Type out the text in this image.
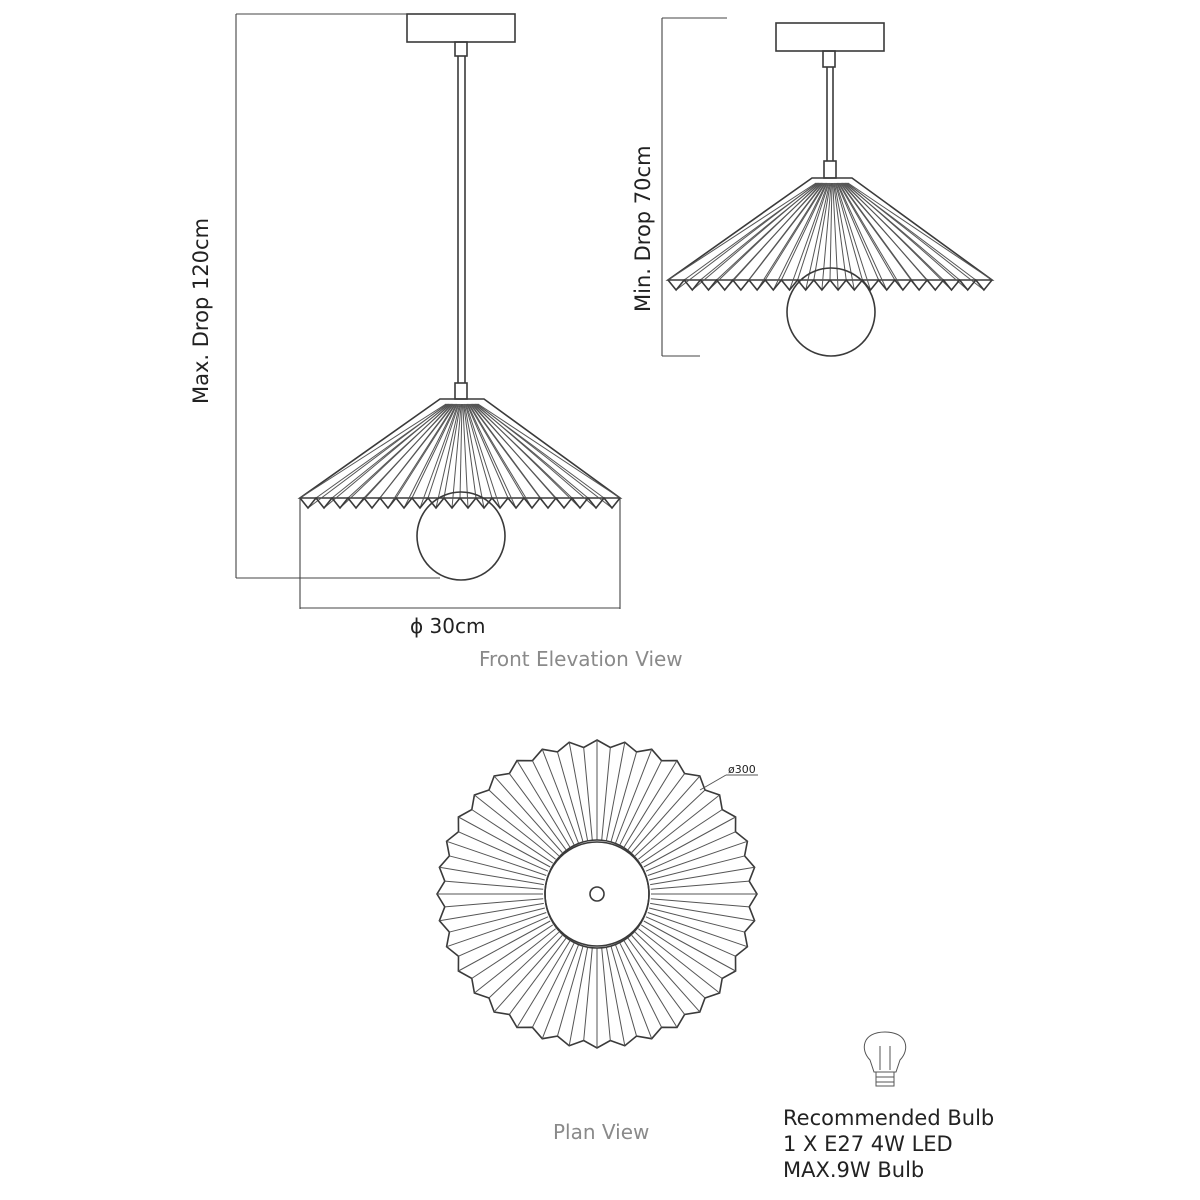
Max. Drop 120cm
ϕ 30cm
Front Elevation View
Min. Drop 70cm
ø300
Plan View
Recommended Bulb
1 X E27 4W LED
MAX.9W Bulb
